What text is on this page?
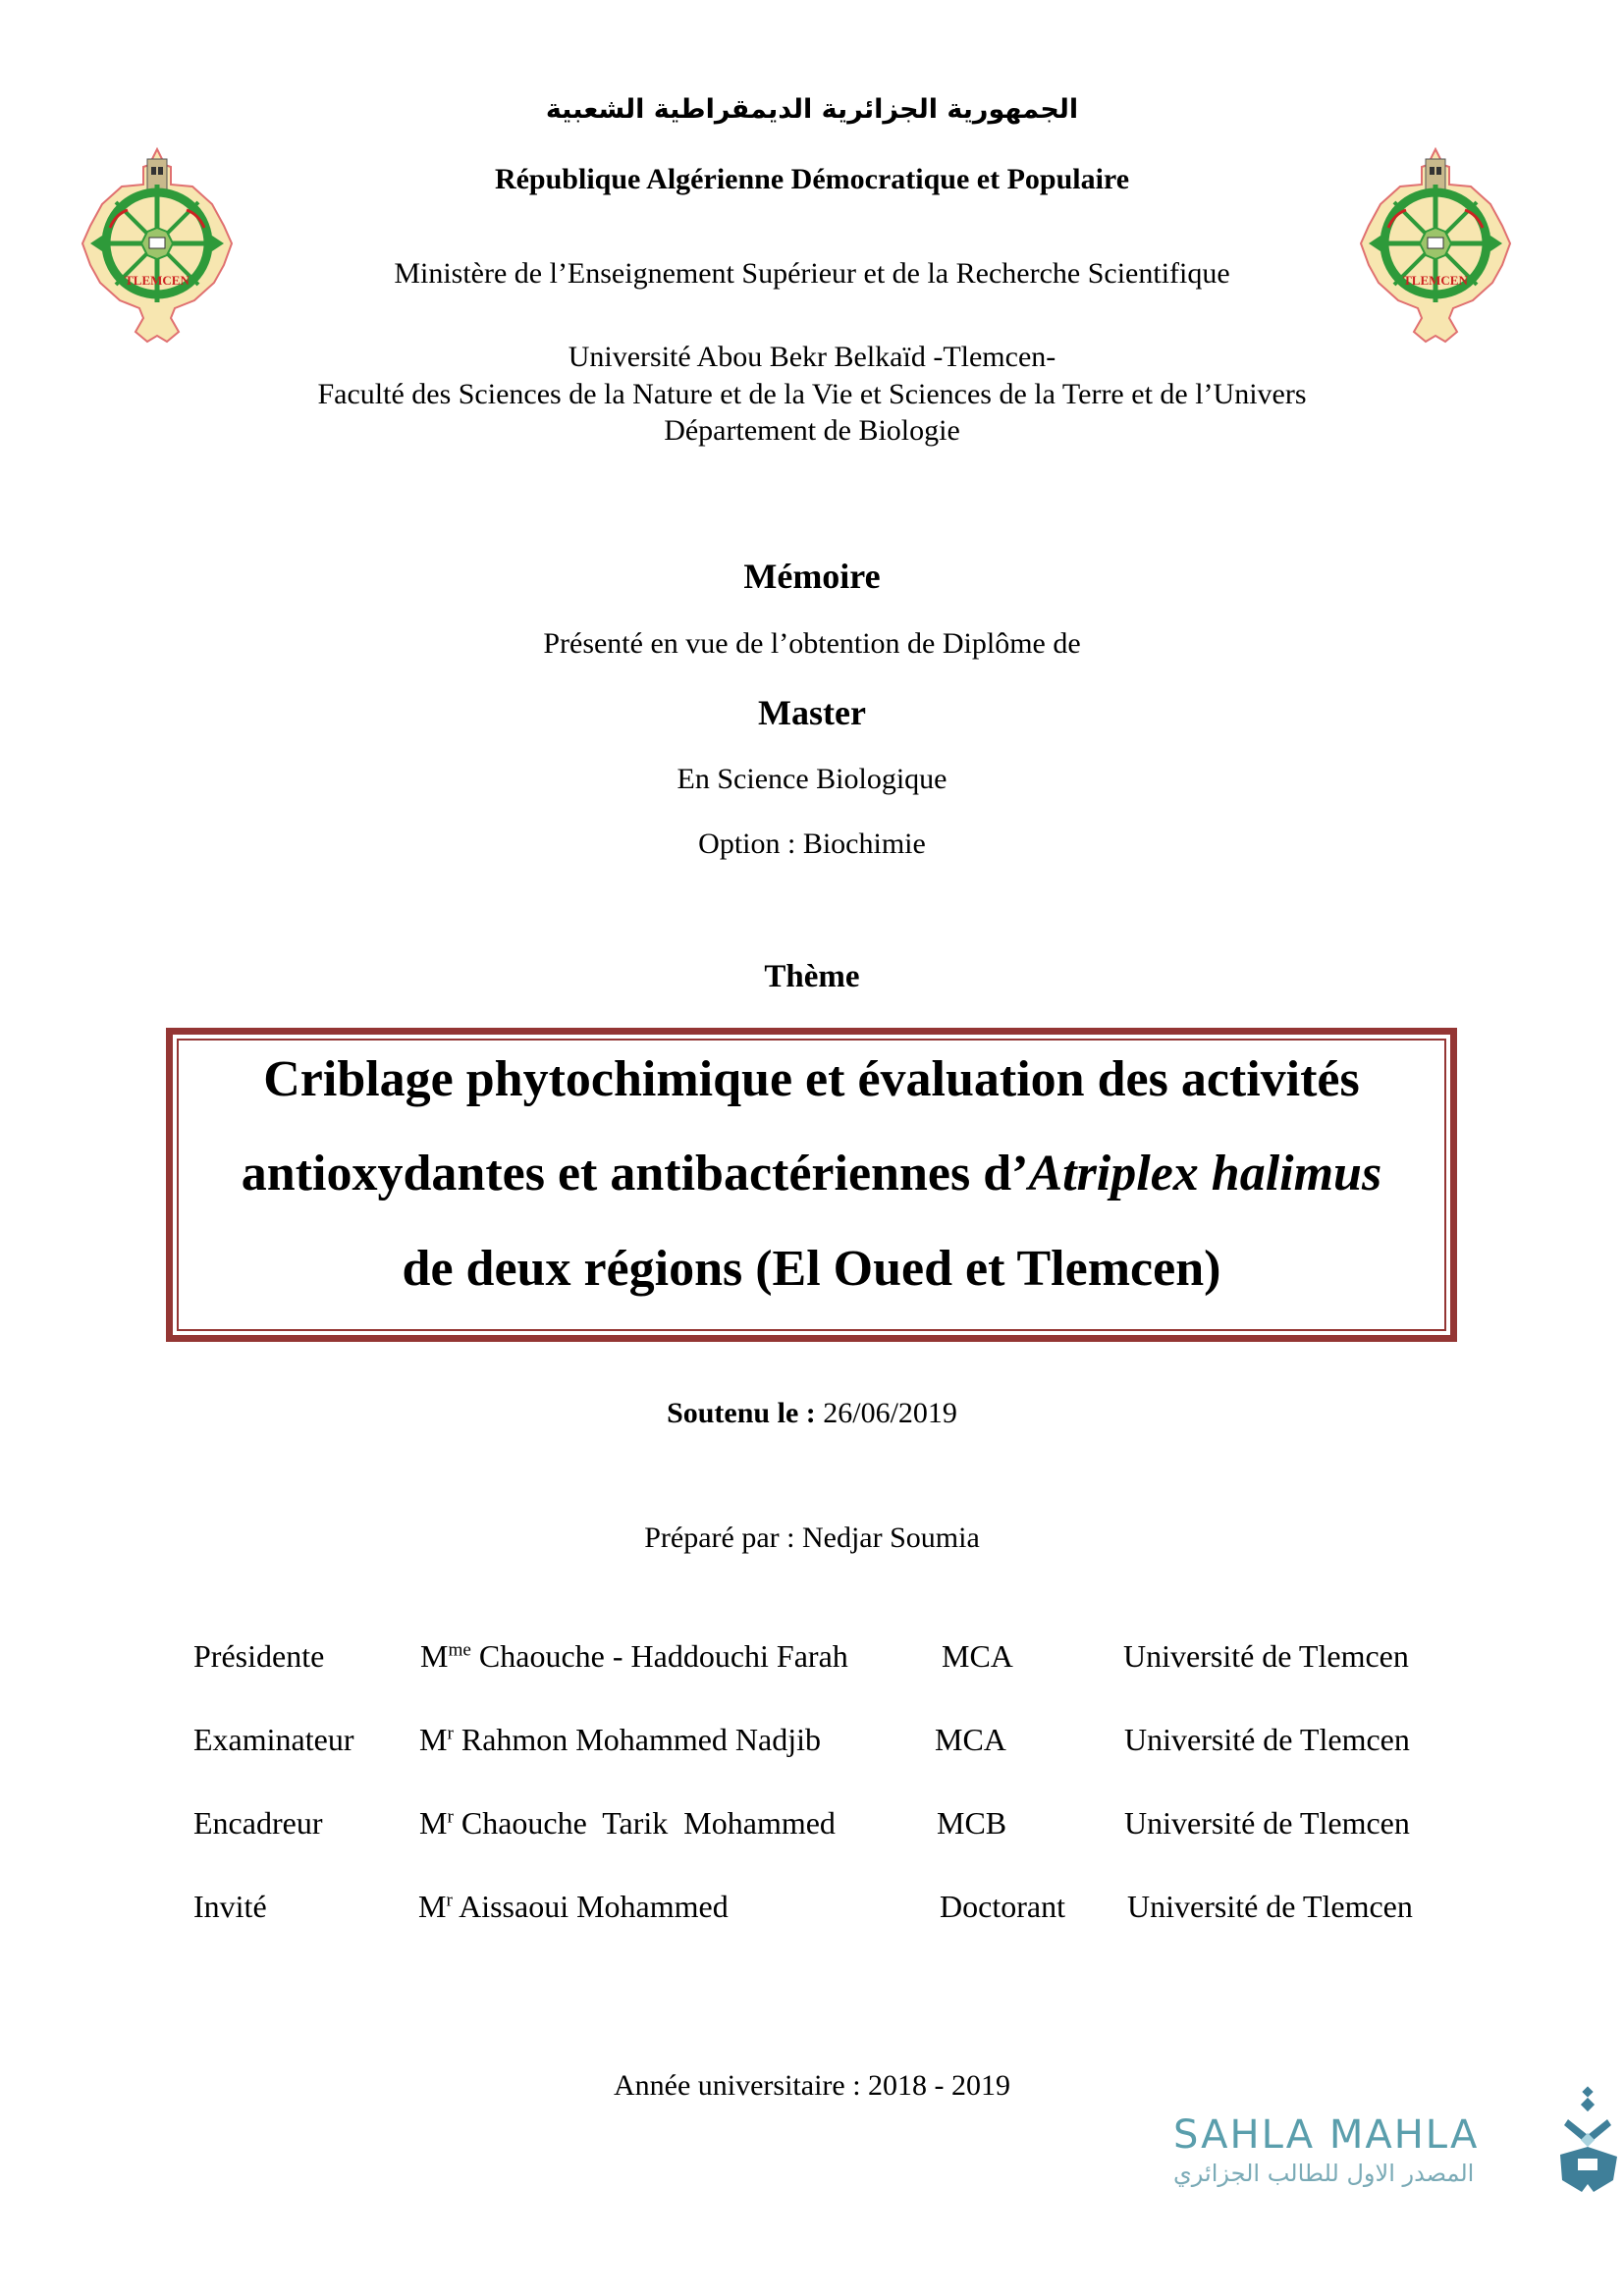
TLEMCEN	TLEMCEN
الجمهورية الجزائرية الديمقراطية الشعبية
République Algérienne Démocratique et Populaire
Ministère de l’Enseignement Supérieur et de la Recherche Scientifique
Université Abou Bekr Belkaïd -Tlemcen-
Faculté des Sciences de la Nature et de la Vie et Sciences de la Terre et de l’Univers
Département de Biologie
Mémoire
Présenté en vue de l’obtention de Diplôme de
Master
En Science Biologique
Option : Biochimie
Thème
Criblage phytochimique et évaluation des activités
antioxydantes et antibactériennes d’Atriplex halimus
de deux régions (El Oued et Tlemcen)
Soutenu le : 26/06/2019
Préparé par : Nedjar Soumia
Présidente	$M^{me}$ Chaouche - Haddouchi Farah	MCA	Université de Tlemcen
Examinateur $M^r$ Rahmon Mohammed Nadjib	MCA	Université de Tlemcen
Encadreur	$M^r$ Chaouche  Tarik  Mohammed	MCB	Université de Tlemcen
Invité	$M^r$ Aissaoui Mohammed	Doctorant Université de Tlemcen
Année universitaire : 2018 - 2019
SAHLA MAHLA
المصدر الاول للطالب الجزائري
